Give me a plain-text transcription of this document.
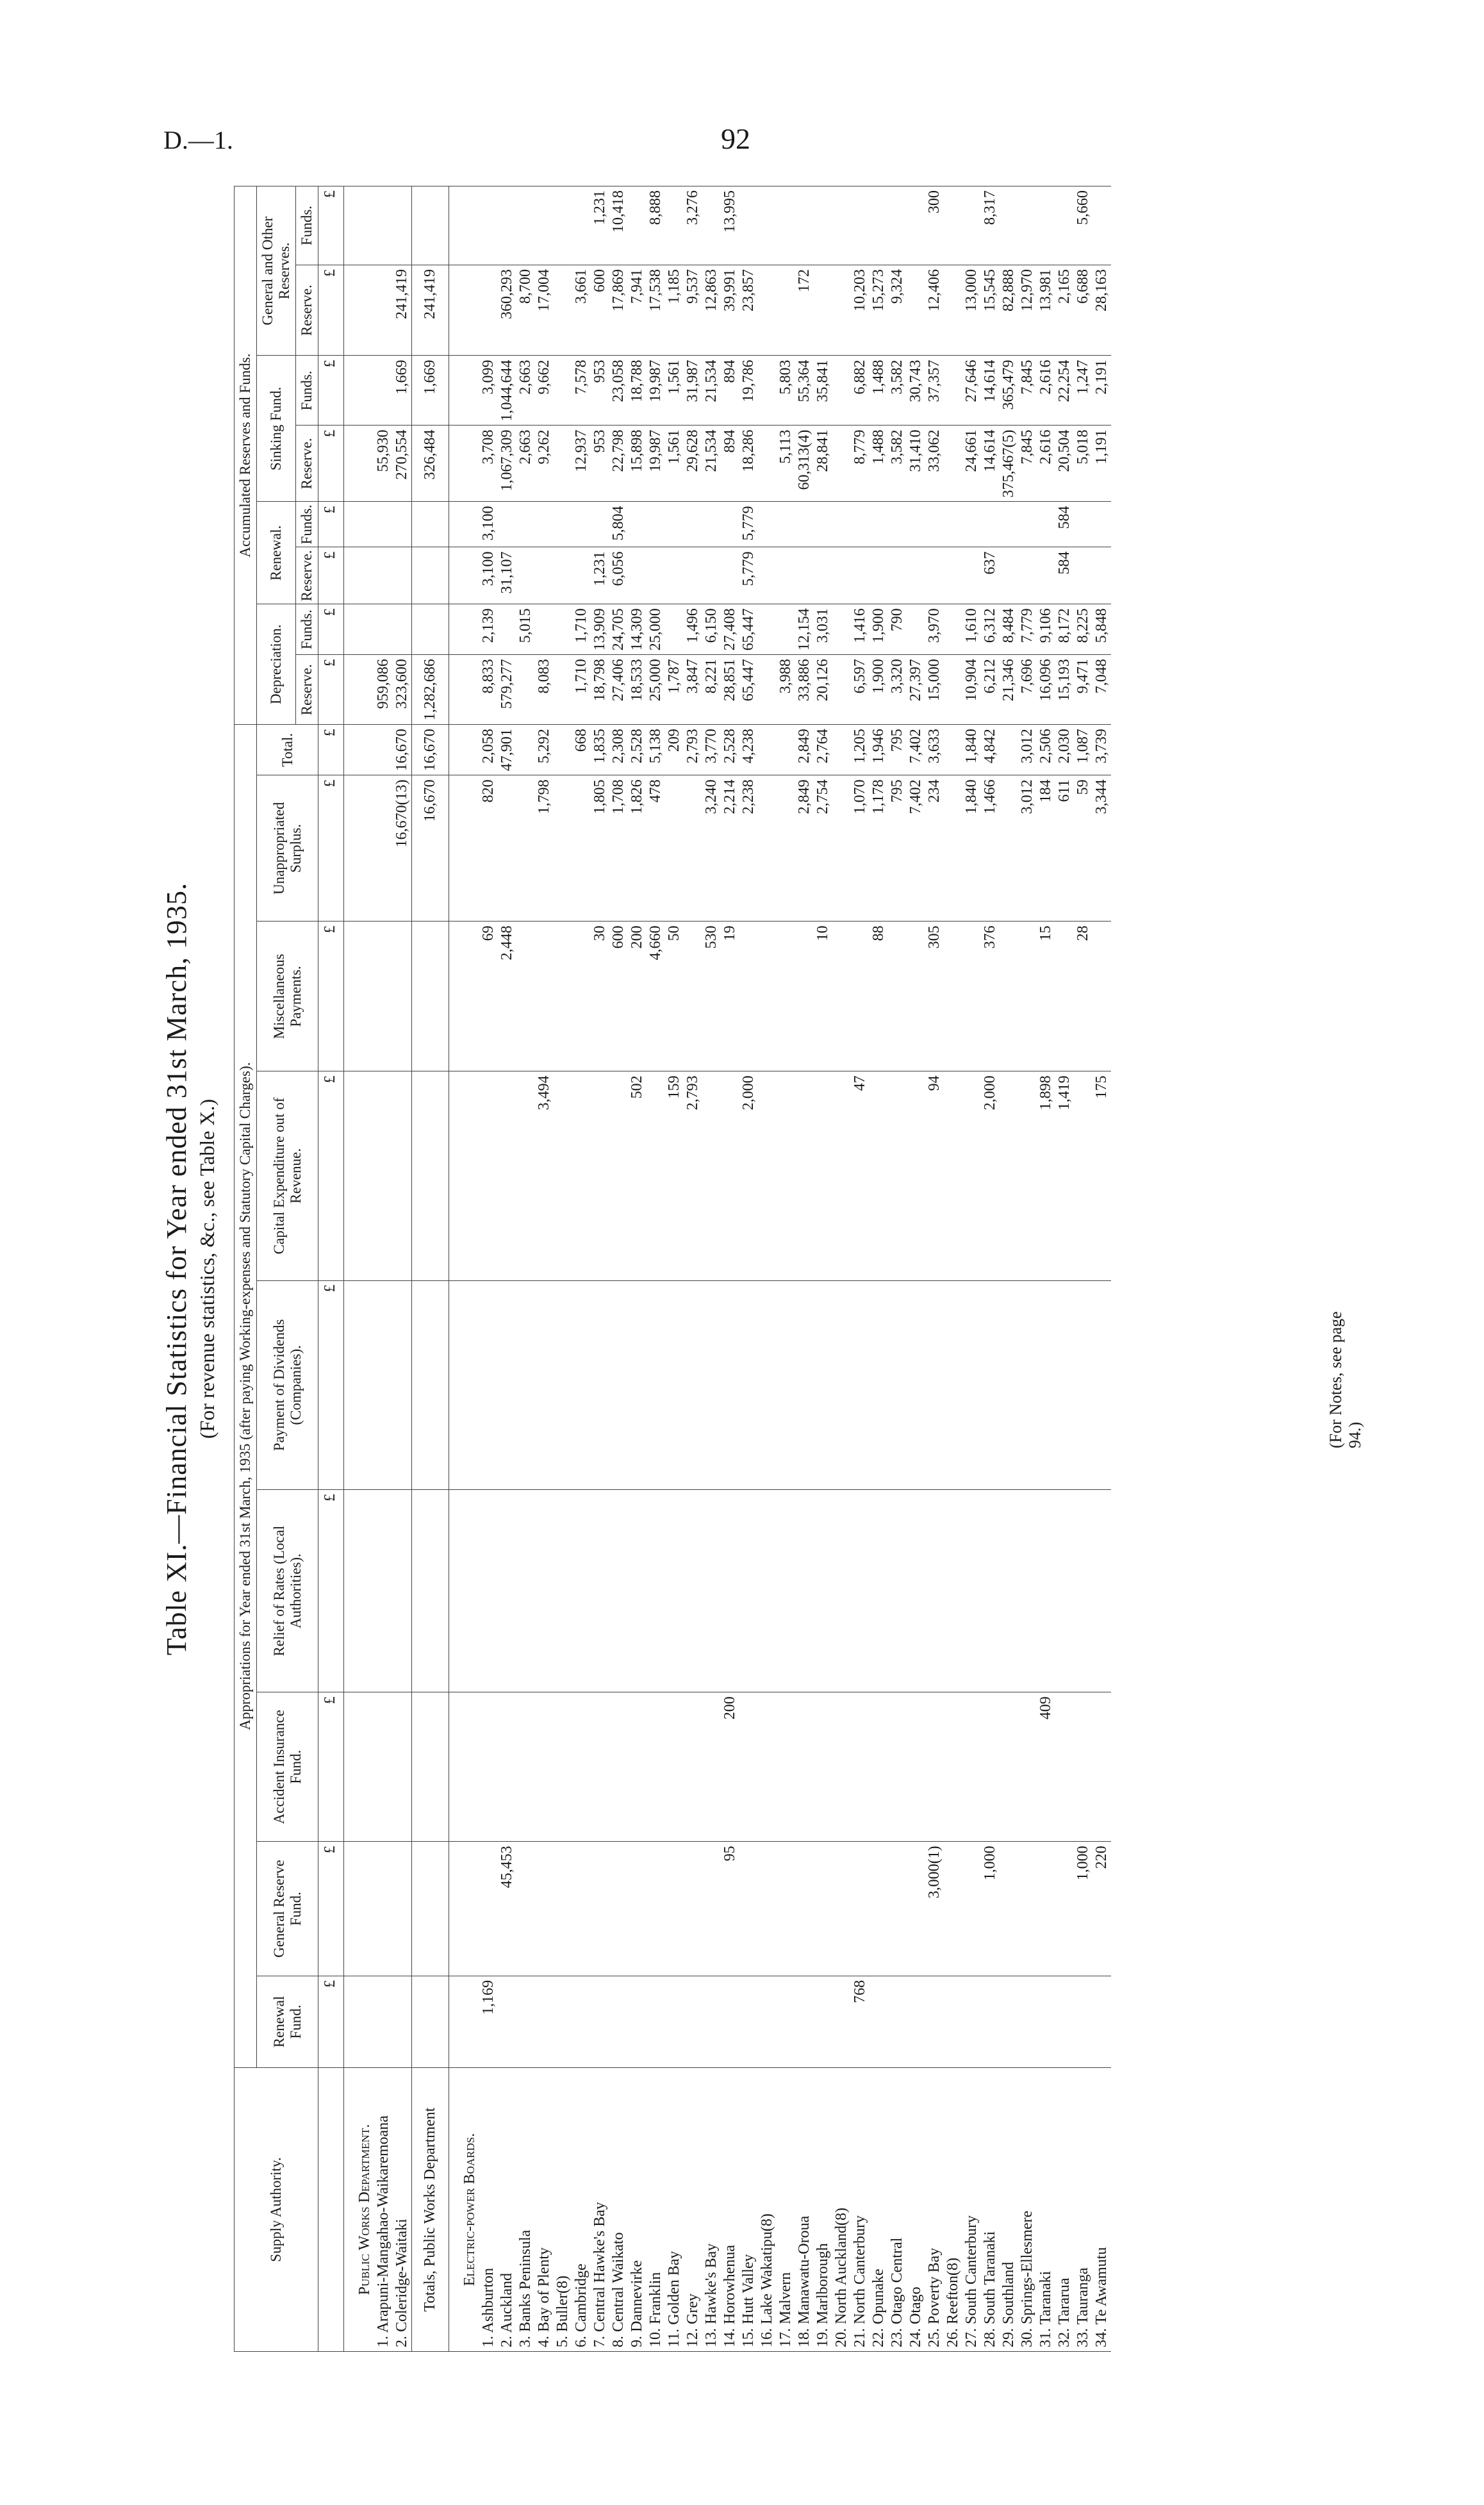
D.—1.	92
Table XI.—Financial Statistics for Year ended 31st March, 1935. (For revenue statistics, &c., see Table X.)
Supply Authority.	Appropriations for Year ended 31st March, 1935 (after paying Working-expenses and Statutory Capital Charges).									Accumulated Reserves and Funds.							
	Renewal Fund.	General Reserve Fund.	Accident Insurance Fund.	Relief of Rates (Local Authorities).	Payment of Dividends (Companies).	Capital Expenditure out of Revenue.	Miscellaneous Payments.	Unappropriated Surplus.	Total.	Depreciation.		Renewal.		Sinking Fund.		General and Other Reserves.	
										Reserve.	Funds.	Reserve.	Funds.	Reserve.	Funds.	Reserve.	Funds.
	£	£	£	£	£	£	£	£	£	£	£	£	£	£	£	£	£
Public Works Department.																	
1. Arapuni-Mangahao-Waikaremoana										959,086				55,930			
2. Coleridge-Waitaki								16,670(13)	16,670	323,600				270,554	1,669	241,419	
Totals, Public Works Department								16,670	16,670	1,282,686				326,484	1,669	241,419	
Electric-power Boards.																	
1. Ashburton	1,169						69	820	2,058	8,833	2,139	3,100	3,100	3,708	3,099		
2. Auckland		45,453					2,448		47,901	579,277		31,107		1,067,309	1,044,644	360,293	
3. Banks Peninsula											5,015			2,663	2,663	8,700	
4. Bay of Plenty						3,494		1,798	5,292	8,083				9,262	9,662	17,004	
5. Buller(8)																	
6. Cambridge									668	1,710	1,710			12,937	7,578	3,661	
7. Central Hawke's Bay							30	1,805	1,835	18,798	13,909	1,231		953	953	600	1,231
8. Central Waikato							600	1,708	2,308	27,406	24,705	6,056	5,804	22,798	23,058	17,869	10,418
9. Dannevirke						502	200	1,826	2,528	18,533	14,309			15,898	18,788	7,941	
10. Franklin							4,660	478	5,138	25,000	25,000			19,987	19,987	17,538	8,888
11. Golden Bay						159	50		209	1,787				1,561	1,561	1,185	
12. Grey						2,793			2,793	3,847	1,496			29,628	31,987	9,537	3,276
13. Hawke's Bay							530	3,240	3,770	8,221	6,150			21,534	21,534	12,863	
14. Horowhenua		95	200				19	2,214	2,528	28,851	27,408			894	894	39,991	13,995
15. Hutt Valley						2,000		2,238	4,238	65,447	65,447	5,779	5,779	18,286	19,786	23,857	
16. Lake Wakatipu(8)																	
17. Malvern										3,988				5,113	5,803		
18. Manawatu-Oroua								2,849	2,849	33,886	12,154			60,313(4)	55,364	172	
19. Marlborough							10	2,754	2,764	20,126	3,031			28,841	35,841		
20. North Auckland(8)																	
21. North Canterbury	768					47		1,070	1,205	6,597	1,416			8,779	6,882	10,203	
22. Opunake							88	1,178	1,946	1,900	1,900			1,488	1,488	15,273	
23. Otago Central								795	795	3,320	790			3,582	3,582	9,324	
24. Otago								7,402	7,402	27,397				31,410	30,743		
25. Poverty Bay		3,000(1)				94	305	234	3,633	15,000	3,970			33,062	37,357	12,406	300
26. Reefton(8)																	
27. South Canterbury								1,840	1,840	10,904	1,610			24,661	27,646	13,000	
28. South Taranaki		1,000				2,000	376	1,466	4,842	6,212	6,312	637		14,614	14,614	15,545	8,317
29. Southland										21,346	8,484			375,467(5)	365,479	82,888	
30. Springs-Ellesmere								3,012	3,012	7,696	7,779			7,845	7,845	12,970	
31. Taranaki			409			1,898	15	184	2,506	16,096	9,106			2,616	2,616	13,981	
32. Tararua						1,419		611	2,030	15,193	8,172	584	584	20,504	22,254	2,165	
33. Tauranga		1,000					28	59	1,087	9,471	8,225			5,018	1,247	6,688	5,660
34. Te Awamutu		220				175		3,344	3,739	7,048	5,848			1,191	2,191	28,163	
(For Notes, see page 94.)
